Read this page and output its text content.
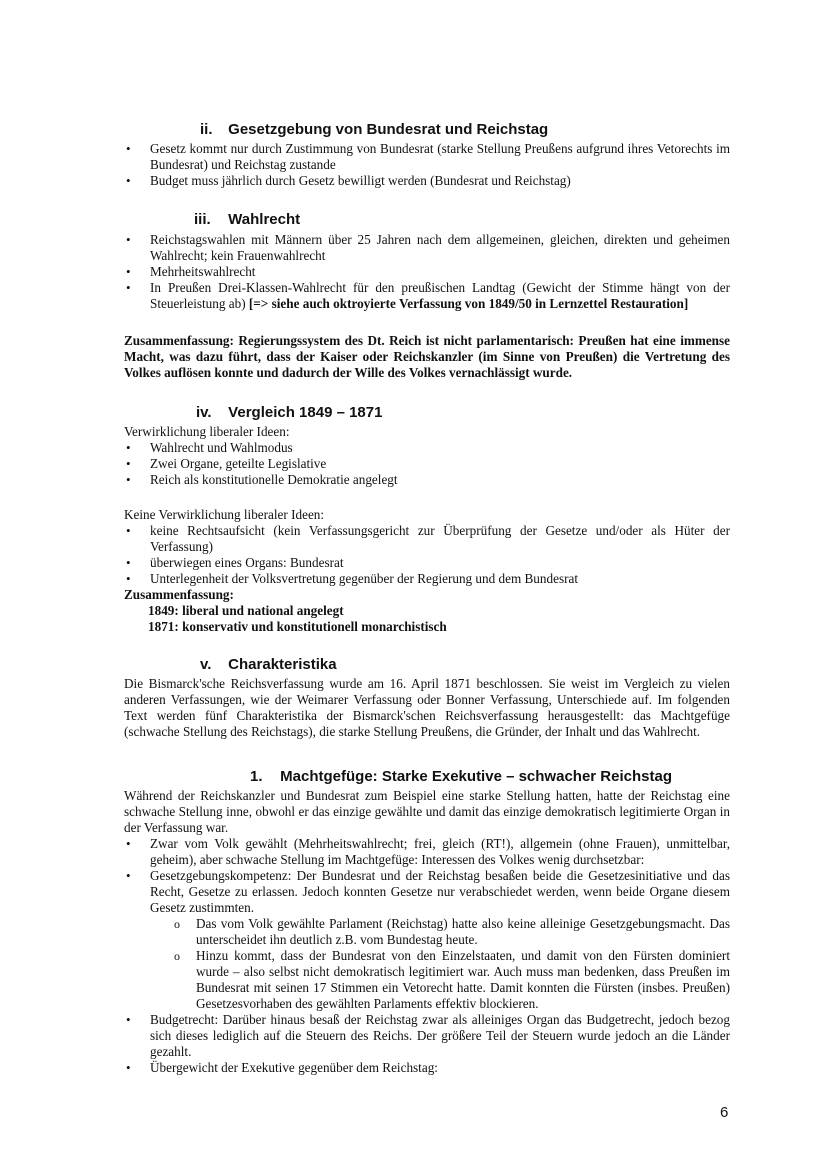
ii. Gesetzgebung von Bundesrat und Reichstag
• Gesetz kommt nur durch Zustimmung von Bundesrat (starke Stellung Preußens aufgrund ihres Vetorechts im Bundesrat) und Reichstag zustande
• Budget muss jährlich durch Gesetz bewilligt werden (Bundesrat und Reichstag)
iii. Wahlrecht
• Reichstagswahlen mit Männern über 25 Jahren nach dem allgemeinen, gleichen, direkten und geheimen Wahlrecht; kein Frauenwahlrecht
• Mehrheitswahlrecht
• In Preußen Drei-Klassen-Wahlrecht für den preußischen Landtag (Gewicht der Stimme hängt von der Steuerleistung ab) [=> siehe auch oktroyierte Verfassung von 1849/50 in Lernzettel Restauration]
Zusammenfassung: Regierungssystem des Dt. Reich ist nicht parlamentarisch: Preußen hat eine immense Macht, was dazu führt, dass der Kaiser oder Reichskanzler (im Sinne von Preußen) die Vertretung des Volkes auflösen konnte und dadurch der Wille des Volkes vernachlässigt wurde.
iv. Vergleich 1849 – 1871

Verwirklichung liberaler Ideen:

• Wahlrecht und Wahlmodus
• Zwei Organe, geteilte Legislative
• Reich als konstitutionelle Demokratie angelegt

Keine Verwirklichung liberaler Ideen:

• keine Rechtsaufsicht (kein Verfassungsgericht zur Überprüfung der Gesetze und/oder als Hüter der Verfassung)
• überwiegen eines Organs: Bundesrat
• Unterlegenheit der Volksvertretung gegenüber der Regierung und dem Bundesrat

Zusammenfassung:

1849: liberal und national angelegt

1871: konservativ und konstitutionell monarchistisch

v. Charakteristika
Die Bismarck'sche Reichsverfassung wurde am 16. April 1871 beschlossen. Sie weist im Vergleich zu vielen anderen Verfassungen, wie der Weimarer Verfassung oder Bonner Verfassung, Unterschiede auf. Im folgenden Text werden fünf Charakteristika der Bismarck'schen Reichsverfassung herausgestellt: das Machtgefüge (schwache Stellung des Reichstags), die starke Stellung Preußens, die Gründer, der Inhalt und das Wahlrecht.
1. Machtgefüge: Starke Exekutive – schwacher Reichstag
Während der Reichskanzler und Bundesrat zum Beispiel eine starke Stellung hatten, hatte der Reichstag eine schwache Stellung inne, obwohl er das einzige gewählte und damit das einzige demokratisch legitimierte Organ in der Verfassung war.
• Zwar vom Volk gewählt (Mehrheitswahlrecht; frei, gleich (RT!), allgemein (ohne Frauen), unmittelbar, geheim), aber schwache Stellung im Machtgefüge: Interessen des Volkes wenig durchsetzbar:
• Gesetzgebungskompetenz: Der Bundesrat und der Reichstag besaßen beide die Gesetzesinitiative und das Recht, Gesetze zu erlassen. Jedoch konnten Gesetze nur verabschiedet werden, wenn beide Organe diesem Gesetz zustimmten.
o Das vom Volk gewählte Parlament (Reichstag) hatte also keine alleinige Gesetzgebungsmacht. Das unterscheidet ihn deutlich z.B. vom Bundestag heute.
o Hinzu kommt, dass der Bundesrat von den Einzelstaaten, und damit von den Fürsten dominiert wurde – also selbst nicht demokratisch legitimiert war. Auch muss man bedenken, dass Preußen im Bundesrat mit seinen 17 Stimmen ein Vetorecht hatte. Damit konnten die Fürsten (insbes. Preußen) Gesetzesvorhaben des gewählten Parlaments effektiv blockieren.
• Budgetrecht: Darüber hinaus besaß der Reichstag zwar als alleiniges Organ das Budgetrecht, jedoch bezog sich dieses lediglich auf die Steuern des Reichs. Der größere Teil der Steuern wurde jedoch an die Länder gezahlt.
• Übergewicht der Exekutive gegenüber dem Reichstag:
6
